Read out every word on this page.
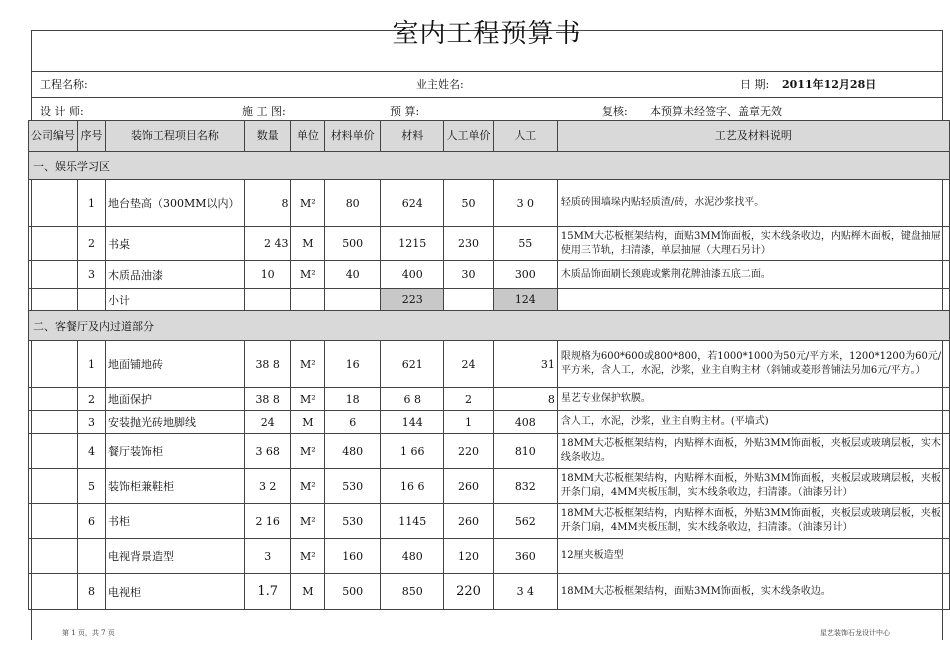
室内工程预算书
工程名称:	业主姓名:	日 期: 2011年12月28日
设 计 师:	施 工 图:	预 算:	复核: 本预算未经签字、盖章无效
公司编号	序号	装饰工程项目名称	数量	单位	材料单价	材料	人工单价	人工	工艺及材料说明
一、娱乐学习区									
	1	地台垫高（300MM以内）	8	M²	80	624	50	3 0	轻质砖围墙垛内贴轻质渣/砖，水泥沙浆找平。
	2	书桌	2 43	M	500	1215	230	55	15MM大芯板框架结构，面贴3MM饰面板，实木线条收边，内贴榉木面板，键盘抽屉使用三节轨，扫清漆，单层抽屉（大理石另计）
	3	木质品油漆	10	M²	40	400	30	300	木质品饰面刷长颈鹿或紫荆花牌油漆五底二面。
		小计				223		124	
二、客餐厅及内过道部分									
	1	地面铺地砖	38 8	M²	16	621	24	31	限规格为600*600或800*800，若1000*1000为50元/平方米，1200*1200为60元/平方米，含人工，水泥，沙浆，业主自购主材（斜铺或菱形普铺法另加6元/平方。）
	2	地面保护	38 8	M²	18	6 8	2	8	星艺专业保护软膜。
	3	安装抛光砖地脚线	24	M	6	144	1	408	含人工，水泥，沙浆，业主自购主材。(平墙式)
	4	餐厅装饰柜	3 68	M²	480	1 66	220	810	18MM大芯板框架结构，内贴榉木面板，外贴3MM饰面板，夹板层或玻璃层板，实木线条收边。
	5	装饰柜兼鞋柜	3 2	M²	530	16 6	260	832	18MM大芯板框架结构，内贴榉木面板，外贴3MM饰面板，夹板层或玻璃层板，夹板开条门扇，4MM夹板压制，实木线条收边，扫清漆。（油漆另计）
	6	书柜	2 16	M²	530	1145	260	562	18MM大芯板框架结构，内贴榉木面板，外贴3MM饰面板，夹板层或玻璃层板，夹板开条门扇，4MM夹板压制，实木线条收边，扫清漆。（油漆另计）
		电视背景造型	3	M²	160	480	120	360	12厘夹板造型
	8	电视柜	1.7	M	500	850	220	3 4	18MM大芯板框架结构，面贴3MM饰面板，实木线条收边。
第 1 页，共 7 页	星艺装饰石龙设计中心
